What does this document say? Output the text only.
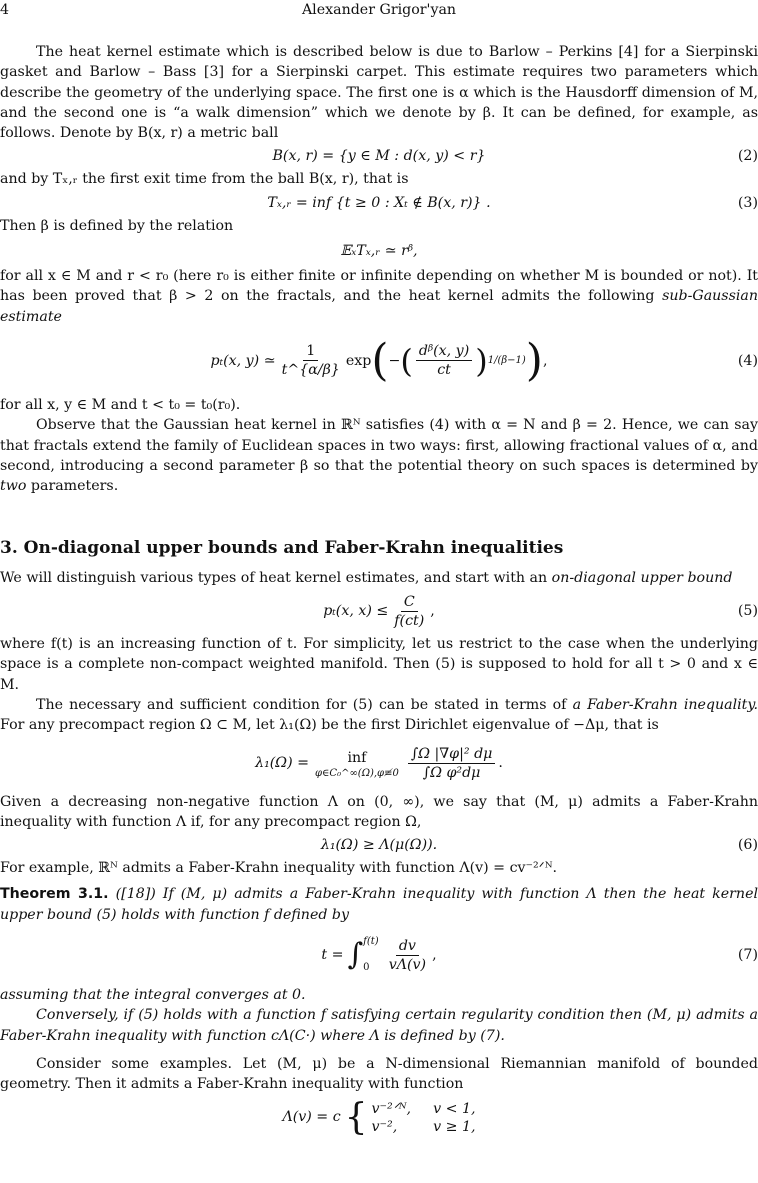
4	Alexander Grigor'yan

The heat kernel estimate which is described below is due to Barlow – Perkins [4] for a Sierpinski gasket and Barlow – Bass [3] for a Sierpinski carpet. This estimate requires two parameters which describe the geometry of the underlying space. The first one is α which is the Hausdorff dimension of M, and the second one is “a walk dimension” which we denote by β. It can be defined, for example, as follows. Denote by B(x, r) a metric ball

B(x, r) = {y ∈ M : d(x, y) < r}	(2)

and by Tₓ,ᵣ the first exit time from the ball B(x, r), that is

Tₓ,ᵣ = inf {t ≥ 0 : Xₜ ∉ B(x, r)} .	(3)

Then β is defined by the relation

𝔼ₓTₓ,ᵣ ≃ rᵝ,

for all x ∈ M and r < r₀ (here r₀ is either finite or infinite depending on whether M is bounded or not). It has been proved that β > 2 on the fractals, and the heat kernel admits the following sub-Gaussian estimate

pₜ(x, y) ≃ $\frac{1}{t\^{}\{\alpha/\beta\}}$ exp ( − ( $\frac{\text{dᵝ(x, y)}}{ct}$ ) 1/(β−1) ) ,	(4)

for all x, y ∈ M and t < t₀ = t₀(r₀).

Observe that the Gaussian heat kernel in ℝᴺ satisfies (4) with α = N and β = 2. Hence, we can say that fractals extend the family of Euclidean spaces in two ways: first, allowing fractional values of α, and second, introducing a second parameter β so that the potential theory on such spaces is determined by two parameters.

3. On-diagonal upper bounds and Faber-Krahn inequalities

We will distinguish various types of heat kernel estimates, and start with an on-diagonal upper bound

pₜ(x, $x) \le \frac{C}{f(ct)}$ ,	(5)

where f(t) is an increasing function of t. For simplicity, let us restrict to the case when the underlying space is a complete non-compact weighted manifold. Then (5) is supposed to hold for all t > 0 and x ∈ M.

The necessary and sufficient condition for (5) can be stated in terms of a Faber-Krahn inequality. For any precompact region Ω ⊂ M, let λ₁(Ω) be the first Dirichlet eigenvalue of −Δμ, that is

λ₁(Ω) =	inf
φ∈C₀^∞(Ω),φ≢0 $\frac{\text{∫Ω |∇φ|² dμ}}{\text{∫Ω φ²dμ}}$ .

Given a decreasing non-negative function Λ on (0, ∞), we say that (M, μ) admits a Faber-Krahn inequality with function Λ if, for any precompact region Ω,

λ₁(Ω) ≥ Λ(μ(Ω)).	(6)

For example, ℝᴺ admits a Faber-Krahn inequality with function Λ(v) = cv⁻²ᐟᴺ.

Theorem 3.1. ([18]) If (M, μ) admits a Faber-Krahn inequality with function Λ then the heat kernel upper bound (5) holds with function f defined by

t = ∫ f(t)
0	$\frac{dv}{v\Lambda(v)}$ ,	(7)

assuming that the integral converges at 0.

Conversely, if (5) holds with a function f satisfying certain regularity condition then (M, μ) admits a Faber-Krahn inequality with function cΛ(C·) where Λ is defined by (7).

Consider some examples. Let (M, μ) be a N-dimensional Riemannian manifold of bounded geometry. Then it admits a Faber-Krahn inequality with function

Λ(v) = c { v⁻²ᐟᴺ, v < 1,
v⁻²,	v ≥ 1,
